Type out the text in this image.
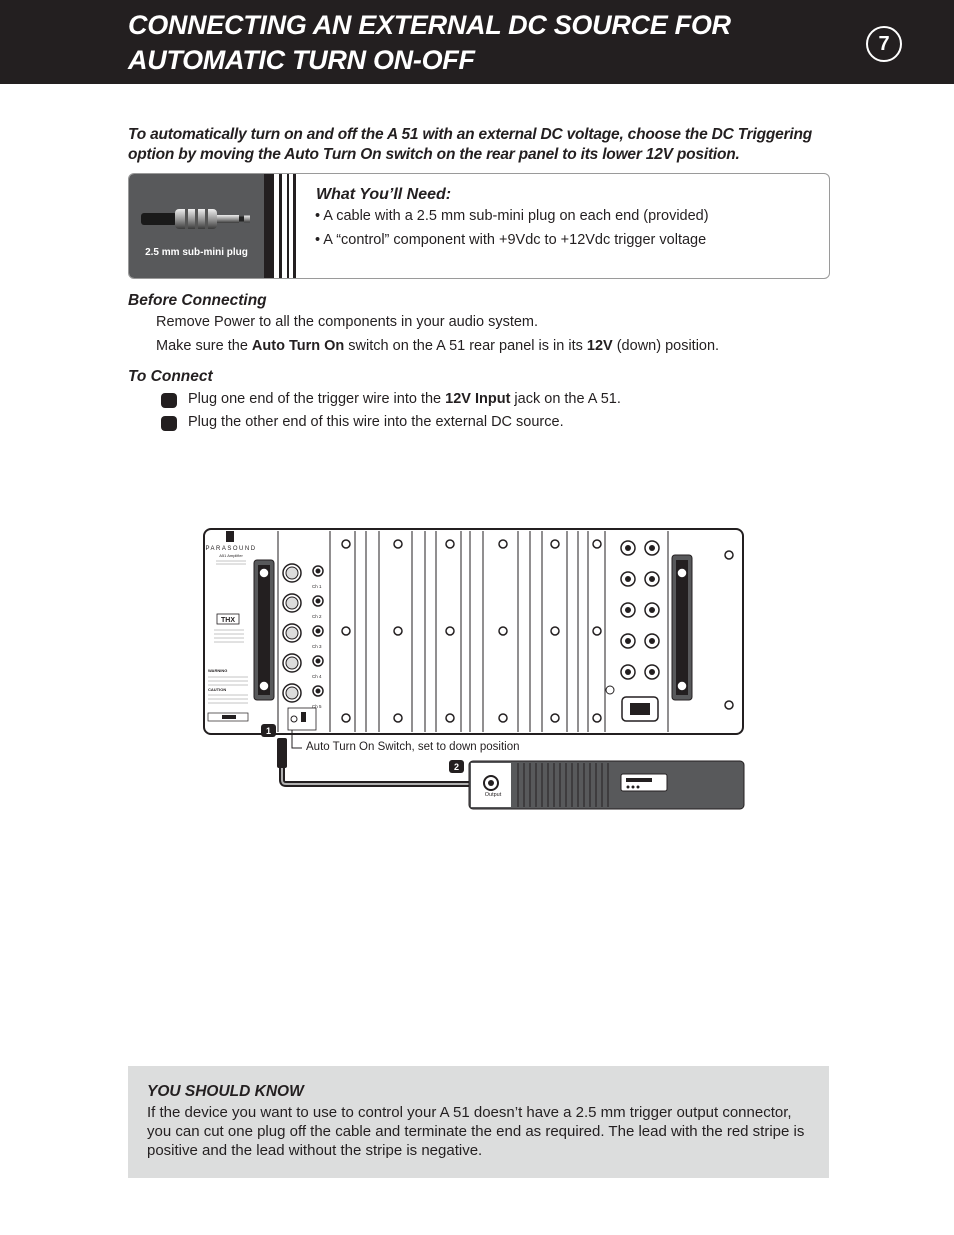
CONNECTING AN EXTERNAL DC SOURCE FOR
AUTOMATIC TURN ON-OFF
7
To automatically turn on and off the A 51 with an external DC voltage, choose the DC Triggering option by moving the Auto Turn On switch on the rear panel to its lower 12V position.
2.5 mm sub-mini plug
What You’ll Need:
• A cable with a 2.5 mm sub-mini plug on each end (provided)
• A “control” component with +9Vdc to +12Vdc trigger voltage
Before Connecting
Remove Power to all the components in your audio system.
Make sure the Auto Turn On switch on the A 51 rear panel is in its 12V (down) position.
To Connect
Plug one end of the trigger wire into the 12V Input jack on the A 51.
Plug the other end of this wire into the external DC source.
PARASOUND
A51 Amplifier
THX
WARNING
CAUTION
Ch 1
Ch 2
Ch 3
Ch 4
Ch 5
1
Output
2
Auto Turn On Switch, set to down position
YOU SHOULD KNOW
If the device you want to use to control your A 51 doesn’t have a 2.5 mm trigger output connector, you can cut one plug off the cable and terminate the end as required. The lead with the red stripe is positive and the lead without the stripe is negative.
